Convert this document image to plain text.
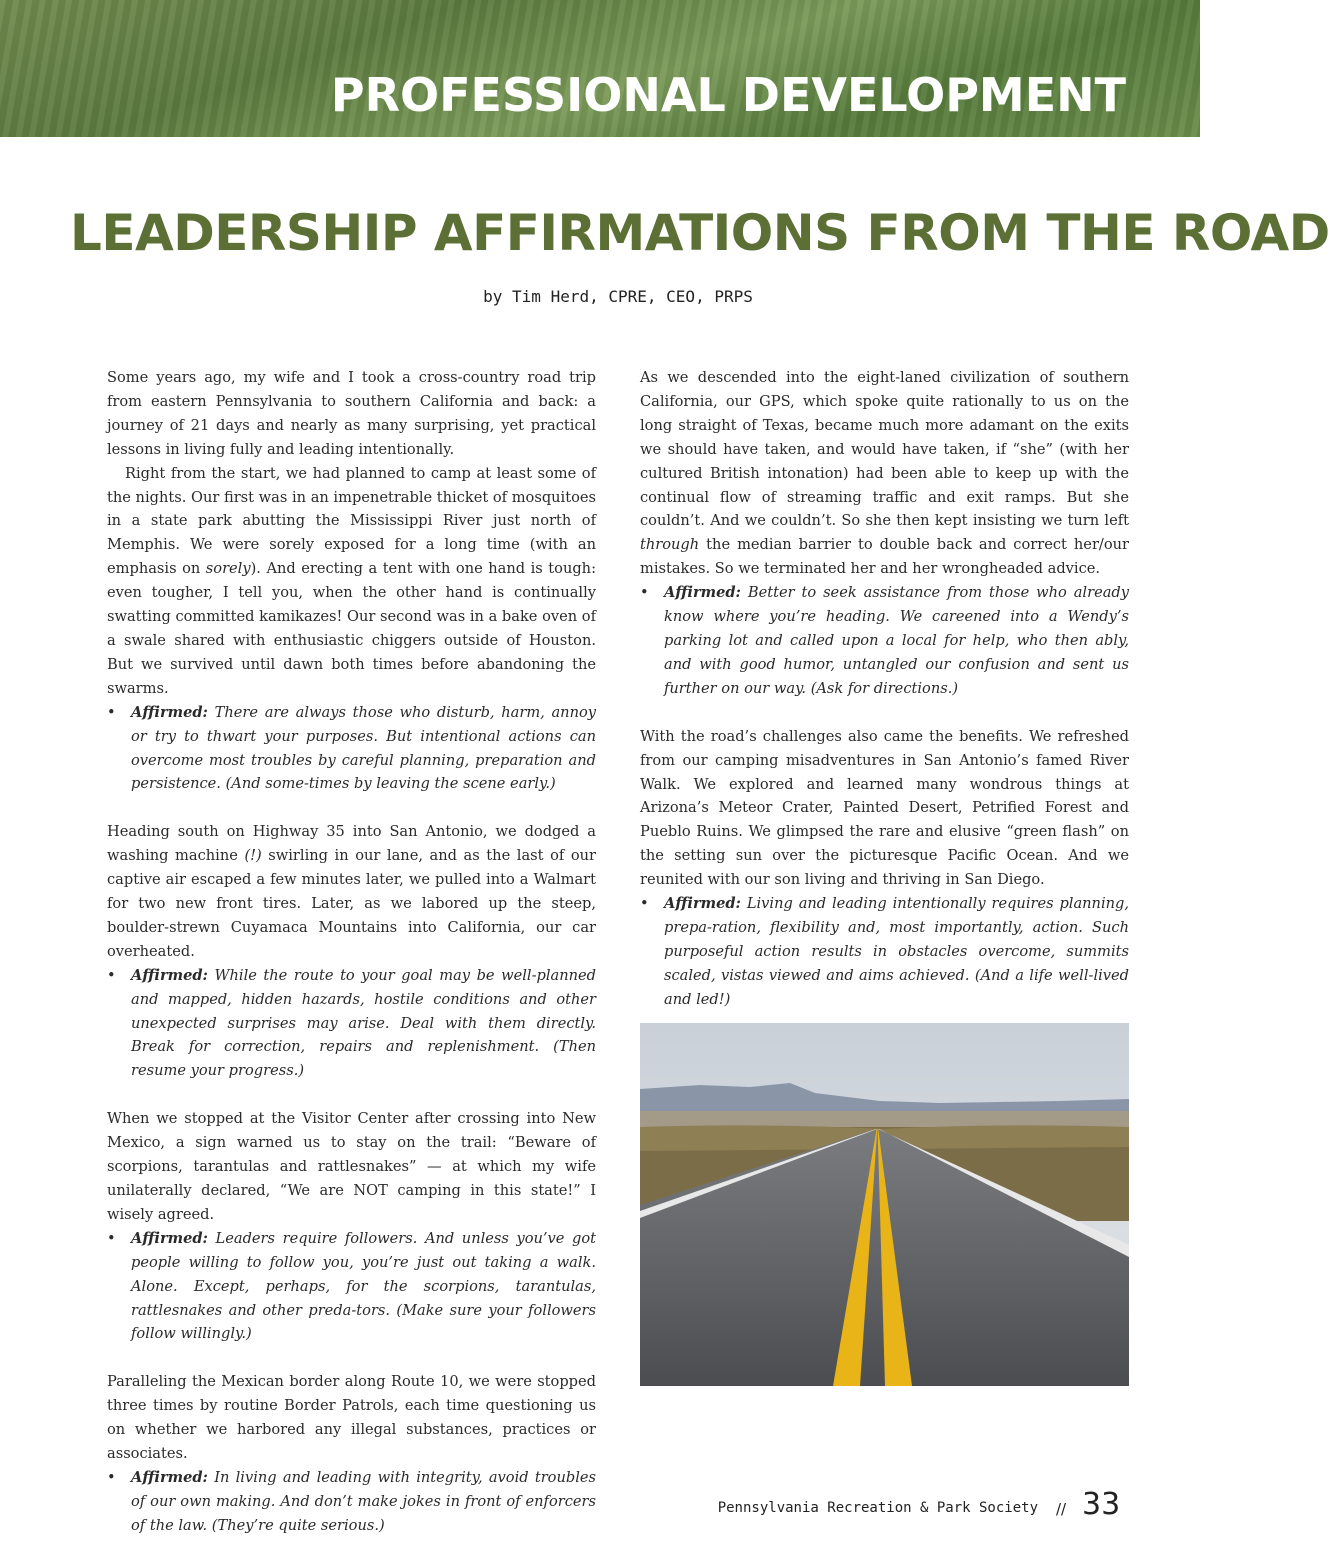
PROFESSIONAL DEVELOPMENT
LEADERSHIP AFFIRMATIONS FROM THE ROAD
by Tim Herd, CPRE, CEO, PRPS

Some years ago, my wife and I took a cross-country road trip from eastern Pennsylvania to southern California and back: a journey of 21 days and nearly as many surprising, yet practical lessons in living fully and leading intentionally.

Right from the start, we had planned to camp at least some of the nights. Our first was in an impenetrable thicket of mosquitoes in a state park abutting the Mississippi River just north of Memphis. We were sorely exposed for a long time (with an emphasis on sorely). And erecting a tent with one hand is tough: even tougher, I tell you, when the other hand is continually swatting committed kamikazes! Our second was in a bake oven of a swale shared with enthusiastic chiggers outside of Houston. But we survived until dawn both times before abandoning the swarms.

• Affirmed: There are always those who disturb, harm, annoy or try to thwart your purposes. But intentional actions can overcome most troubles by careful planning, preparation and persistence. (And some-times by leaving the scene early.)

Heading south on Highway 35 into San Antonio, we dodged a washing machine (!) swirling in our lane, and as the last of our captive air escaped a few minutes later, we pulled into a Walmart for two new front tires. Later, as we labored up the steep, boulder-strewn Cuyamaca Mountains into California, our car overheated.

• Affirmed: While the route to your goal may be well-planned and mapped, hidden hazards, hostile conditions and other unexpected surprises may arise. Deal with them directly. Break for correction, repairs and replenishment. (Then resume your progress.)

When we stopped at the Visitor Center after crossing into New Mexico, a sign warned us to stay on the trail: “Beware of scorpions, tarantulas and rattlesnakes” — at which my wife unilaterally declared, “We are NOT camping in this state!” I wisely agreed.

• Affirmed: Leaders require followers. And unless you’ve got people willing to follow you, you’re just out taking a walk. Alone. Except, perhaps, for the scorpions, tarantulas, rattlesnakes and other preda-tors. (Make sure your followers follow willingly.)

Paralleling the Mexican border along Route 10, we were stopped three times by routine Border Patrols, each time questioning us on whether we harbored any illegal substances, practices or associates.

• Affirmed: In living and leading with integrity, avoid troubles of our own making. And don’t make jokes in front of enforcers of the law. (They’re quite serious.)

As we descended into the eight-laned civilization of southern California, our GPS, which spoke quite rationally to us on the long straight of Texas, became much more adamant on the exits we should have taken, and would have taken, if “she” (with her cultured British intonation) had been able to keep up with the continual flow of streaming traffic and exit ramps. But she couldn’t. And we couldn’t. So she then kept insisting we turn left through the median barrier to double back and correct her/our mistakes. So we terminated her and her wrongheaded advice.

• Affirmed: Better to seek assistance from those who already know where you’re heading. We careened into a Wendy’s parking lot and called upon a local for help, who then ably, and with good humor, untangled our confusion and sent us further on our way. (Ask for directions.)

With the road’s challenges also came the benefits. We refreshed from our camping misadventures in San Antonio’s famed River Walk. We explored and learned many wondrous things at Arizona’s Meteor Crater, Painted Desert, Petrified Forest and Pueblo Ruins. We glimpsed the rare and elusive “green flash” on the setting sun over the picturesque Pacific Ocean. And we reunited with our son living and thriving in San Diego.

• Affirmed: Living and leading intentionally requires planning, prepa-ration, flexibility and, most importantly, action. Such purposeful action results in obstacles overcome, summits scaled, vistas viewed and aims achieved. (And a life well-lived and led!)
Pennsylvania Recreation & Park Society // 33
